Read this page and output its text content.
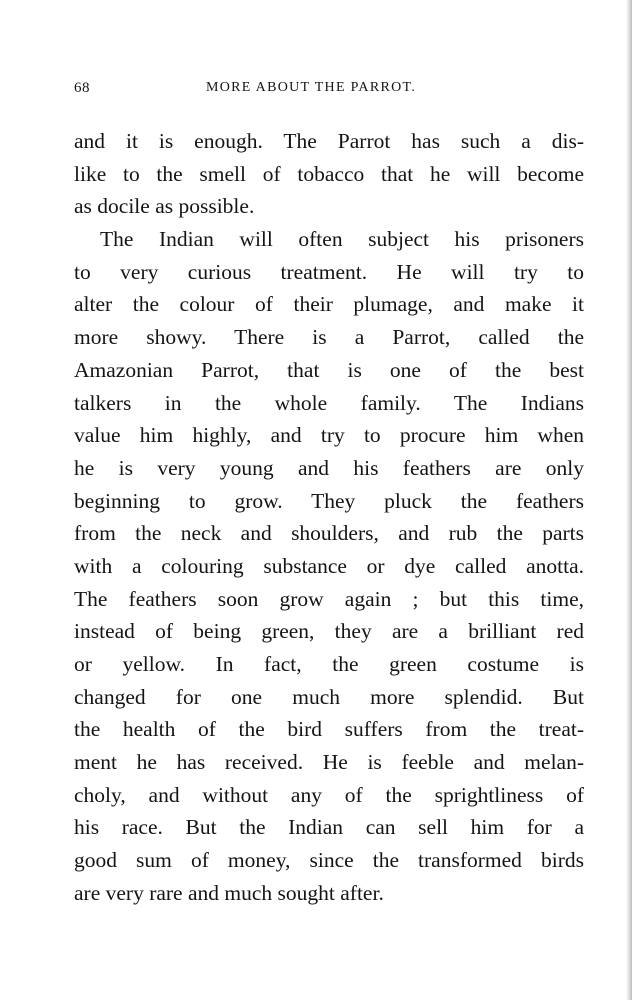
68	MORE ABOUT THE PARROT.
and it is enough. The Parrot has such a dis-
like to the smell of tobacco that he will become
as docile as possible.
The Indian will often subject his prisoners
to very curious treatment. He will try to
alter the colour of their plumage, and make it
more showy. There is a Parrot, called the
Amazonian Parrot, that is one of the best
talkers in the whole family. The Indians
value him highly, and try to procure him when
he is very young and his feathers are only
beginning to grow. They pluck the feathers
from the neck and shoulders, and rub the parts
with a colouring substance or dye called anotta.
The feathers soon grow again ; but this time,
instead of being green, they are a brilliant red
or yellow. In fact, the green costume is
changed for one much more splendid. But
the health of the bird suffers from the treat-
ment he has received. He is feeble and melan-
choly, and without any of the sprightliness of
his race. But the Indian can sell him for a
good sum of money, since the transformed birds
are very rare and much sought after.
